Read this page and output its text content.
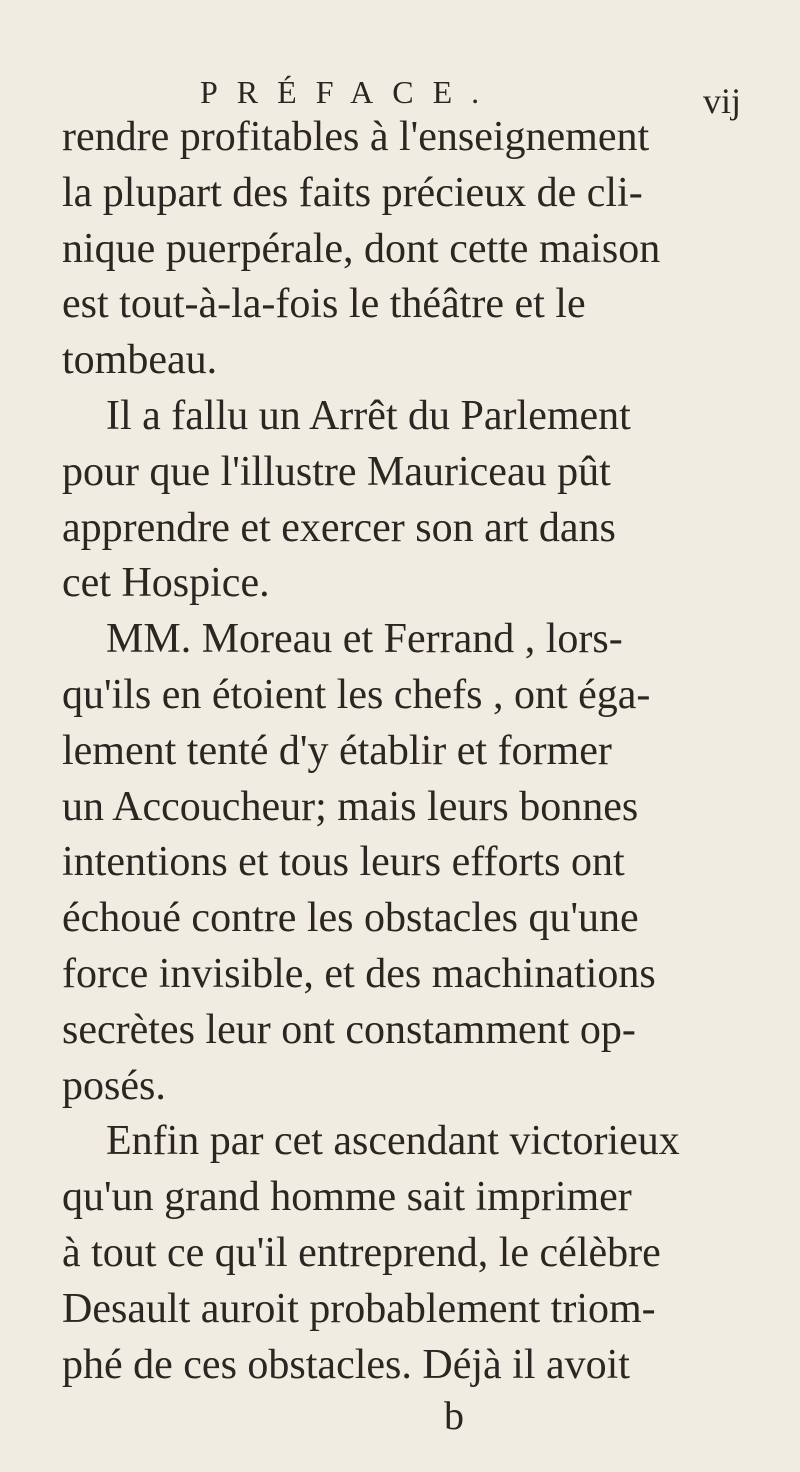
PRÉFACE.	vij
rendre profitables à l'enseignement
la plupart des faits précieux de cli-
nique puerpérale, dont cette maison
est tout-à-la-fois le théâtre et le
tombeau.
Il a fallu un Arrêt du Parlement
pour que l'illustre Mauriceau pût
apprendre et exercer son art dans
cet Hospice.
MM. Moreau et Ferrand , lors-
qu'ils en étoient les chefs , ont éga-
lement tenté d'y établir et former
un Accoucheur; mais leurs bonnes
intentions et tous leurs efforts ont
échoué contre les obstacles qu'une
force invisible, et des machinations
secrètes leur ont constamment op-
posés.
Enfin par cet ascendant victorieux
qu'un grand homme sait imprimer
à tout ce qu'il entreprend, le célèbre
Desault auroit probablement triom-
phé de ces obstacles. Déjà il avoit
b
